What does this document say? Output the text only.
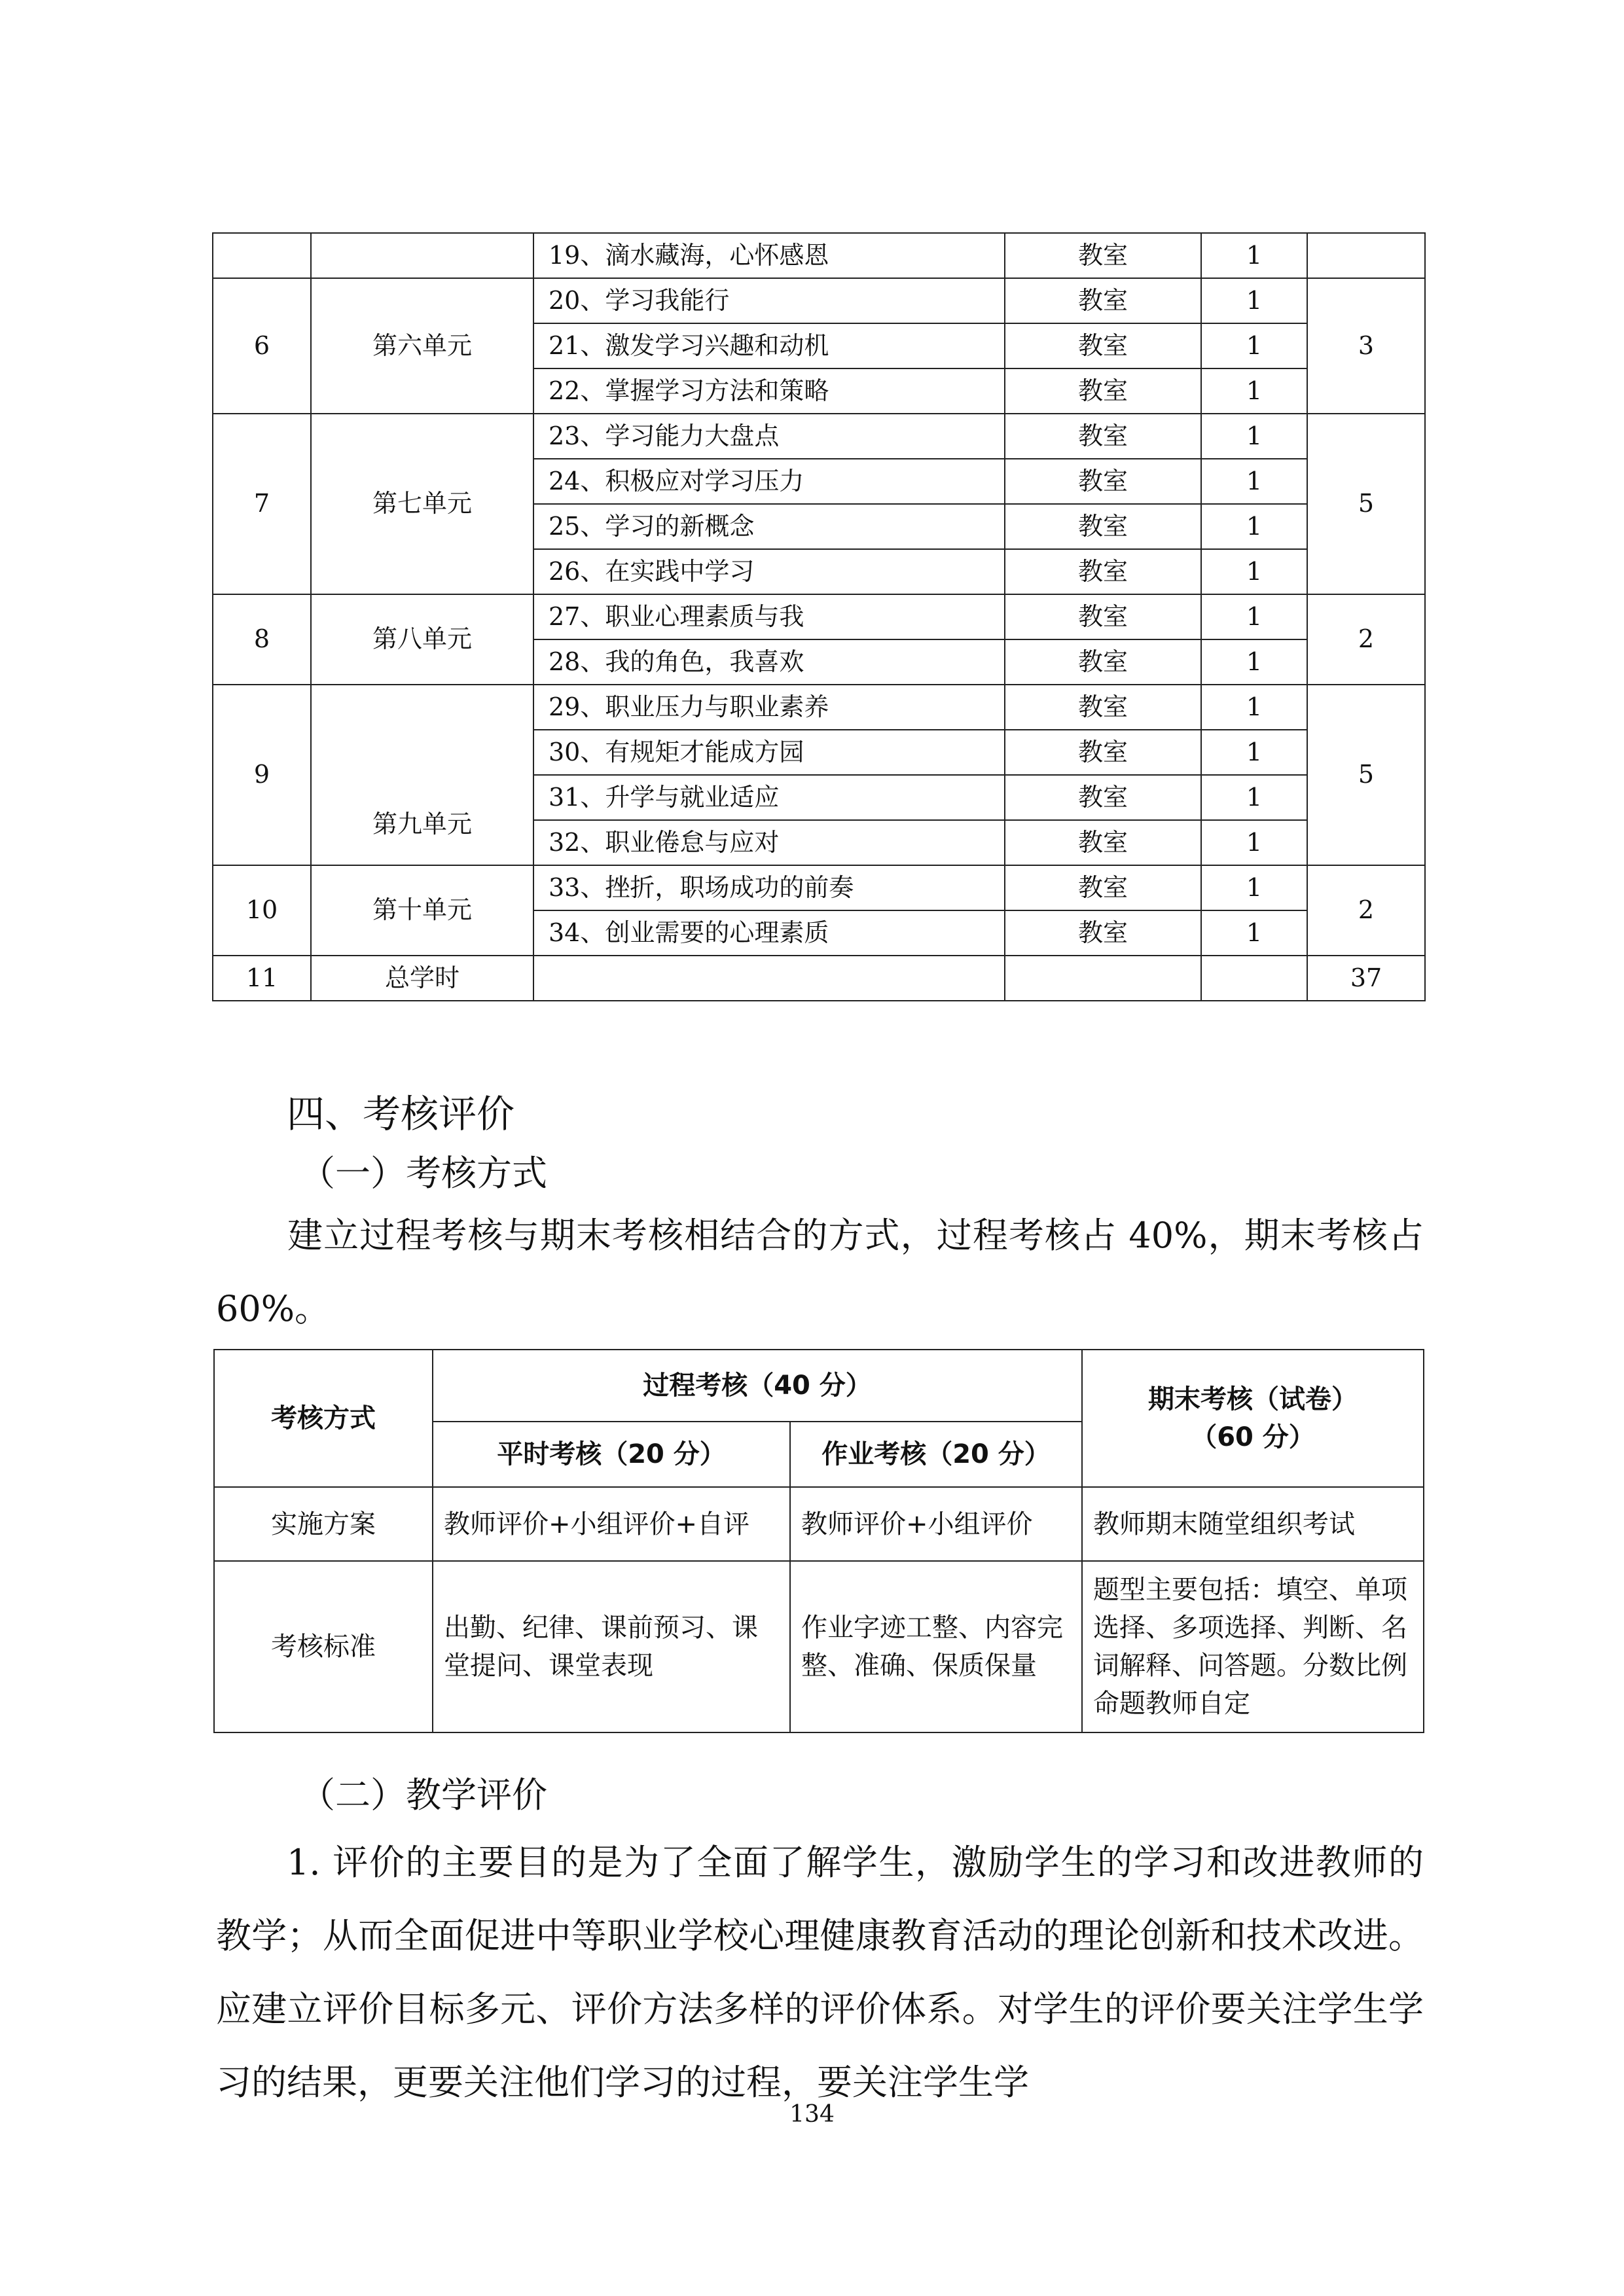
		19、滴水藏海，心怀感恩	教室	1	
6	第六单元	20、学习我能行	教室	1	3
		21、激发学习兴趣和动机	教室	1	
		22、掌握学习方法和策略	教室	1	
7	第七单元	23、学习能力大盘点	教室	1	5
		24、积极应对学习压力	教室	1	
		25、学习的新概念	教室	1	
		26、在实践中学习	教室	1	
8	第八单元	27、职业心理素质与我	教室	1	2
		28、我的角色，我喜欢	教室	1	
9	第九单元	29、职业压力与职业素养	教室	1	5
		30、有规矩才能成方园	教室	1	
		31、升学与就业适应	教室	1	
		32、职业倦怠与应对	教室	1	
10	第十单元	33、挫折，职场成功的前奏	教室	1	2
		34、创业需要的心理素质	教室	1	
11	总学时				37
四、考核评价
（一）考核方式
建立过程考核与期末考核相结合的方式，过程考核占 40%，期末考核占 60%。
考核方式	过程考核（40 分）		期末考核（试卷）
（60 分）

	平时考核（20 分）	作业考核（20 分）	
实施方案	教师评价+小组评价+自评	教师评价+小组评价	教师期末随堂组织考试
考核标准	出勤、纪律、课前预习、课堂提问、课堂表现	作业字迹工整、内容完整、准确、保质保量	题型主要包括：填空、单项选择、多项选择、判断、名词解释、问答题。分数比例命题教师自定
（二）教学评价
1. 评价的主要目的是为了全面了解学生，激励学生的学习和改进教师的教学；从而全面促进中等职业学校心理健康教育活动的理论创新和技术改进。应建立评价目标多元、评价方法多样的评价体系。对学生的评价要关注学生学习的结果，更要关注他们学习的过程，要关注学生学
134
